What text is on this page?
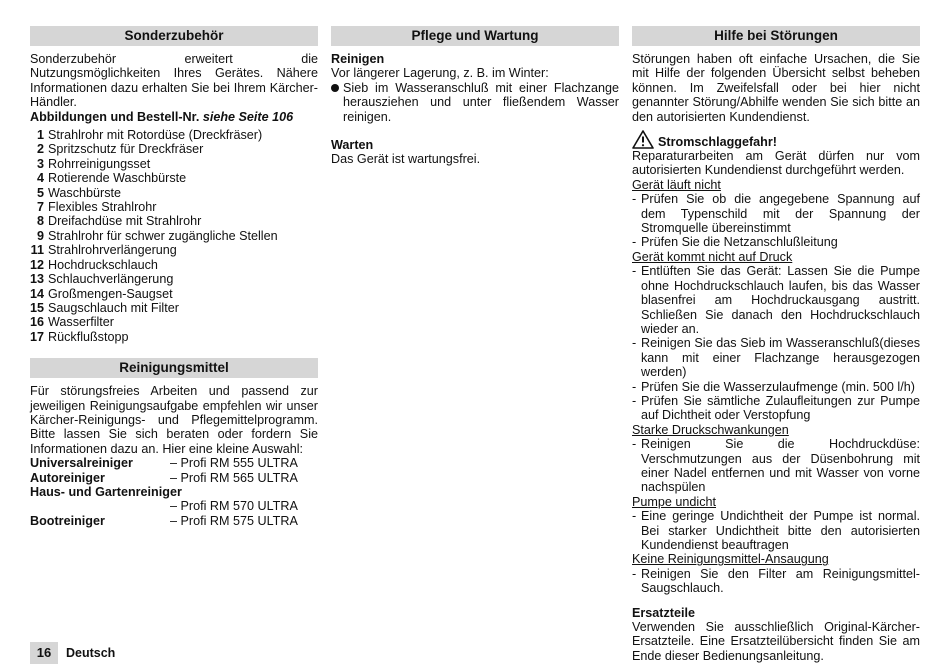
Sonderzubehör

Sonderzubehör erweitert die Nutzungsmöglichkeiten Ihres Gerätes. Nähere Informationen dazu erhalten Sie bei Ihrem Kärcher-Händler.

Abbildungen und Bestell-Nr. siehe Seite 106

1 Strahlrohr mit Rotordüse (Dreckfräser)
2 Spritzschutz für Dreckfräser
3 Rohrreinigungsset
4 Rotierende Waschbürste
5 Waschbürste
7 Flexibles Strahlrohr
8 Dreifachdüse mit Strahlrohr
9 Strahlrohr für schwer zugängliche Stellen
11 Strahlrohrverlängerung
12 Hochdruckschlauch
13 Schlauchverlängerung
14 Großmengen-Saugset
15 Saugschlauch mit Filter
16 Wasserfilter
17 Rückflußstopp
Reinigungsmittel

Für störungsfreies Arbeiten und passend zur jeweiligen Reinigungsaufgabe empfehlen wir unser Kärcher-Reinigungs- und Pflegemittelprogramm. Bitte lassen Sie sich beraten oder fordern Sie Informationen dazu an. Hier eine kleine Auswahl:

Universalreiniger	– Profi RM 555 ULTRA
Autoreiniger	– Profi RM 565 ULTRA

Haus- und Gartenreiniger

– Profi RM 570 ULTRA
Bootreiniger	– Profi RM 575 ULTRA
Pflege und Wartung

Reinigen

Vor längerer Lagerung, z. B. im Winter:

Sieb im Wasseranschluß mit einer Flachzange herausziehen und unter fließendem Wasser reinigen.

Warten

Das Gerät ist wartungsfrei.

Hilfe bei Störungen

Störungen haben oft einfache Ursachen, die Sie mit Hilfe der folgenden Übersicht selbst beheben können. Im Zweifelsfall oder bei hier nicht genannter Störung/Abhilfe wenden Sie sich bitte an den autorisierten Kundendienst.

Stromschlaggefahr!

Reparaturarbeiten am Gerät dürfen nur vom autorisierten Kundendienst durchgeführt werden.

Gerät läuft nicht

- Prüfen Sie ob die angegebene Spannung auf dem Typenschild mit der Spannung der Stromquelle übereinstimmt
- Prüfen Sie die Netzanschlußleitung

Gerät kommt nicht auf Druck

- Entlüften Sie das Gerät: Lassen Sie die Pumpe ohne Hochdruckschlauch laufen, bis das Wasser blasenfrei am Hochdruckausgang austritt. Schließen Sie danach den Hochdruckschlauch wieder an.
- Reinigen Sie das Sieb im Wasseranschluß(dieses kann mit einer Flachzange herausgezogen werden)
- Prüfen Sie die Wasserzulaufmenge (min. 500 l/h)
- Prüfen Sie sämtliche Zulaufleitungen zur Pumpe auf Dichtheit oder Verstopfung

Starke Druckschwankungen

- Reinigen Sie die Hochdruckdüse: Verschmutzungen aus der Düsenbohrung mit einer Nadel entfernen und mit Wasser von vorne nachspülen

Pumpe undicht

- Eine geringe Undichtheit der Pumpe ist normal. Bei starker Undichtheit bitte den autorisierten Kundendienst beauftragen

Keine Reinigungsmittel-Ansaugung

- Reinigen Sie den Filter am Reinigungsmittel-Saugschlauch.

Ersatzteile

Verwenden Sie ausschließlich Original-Kärcher-Ersatzteile. Eine Ersatzteilübersicht finden Sie am Ende dieser Bedienungsanleitung.

16	Deutsch
